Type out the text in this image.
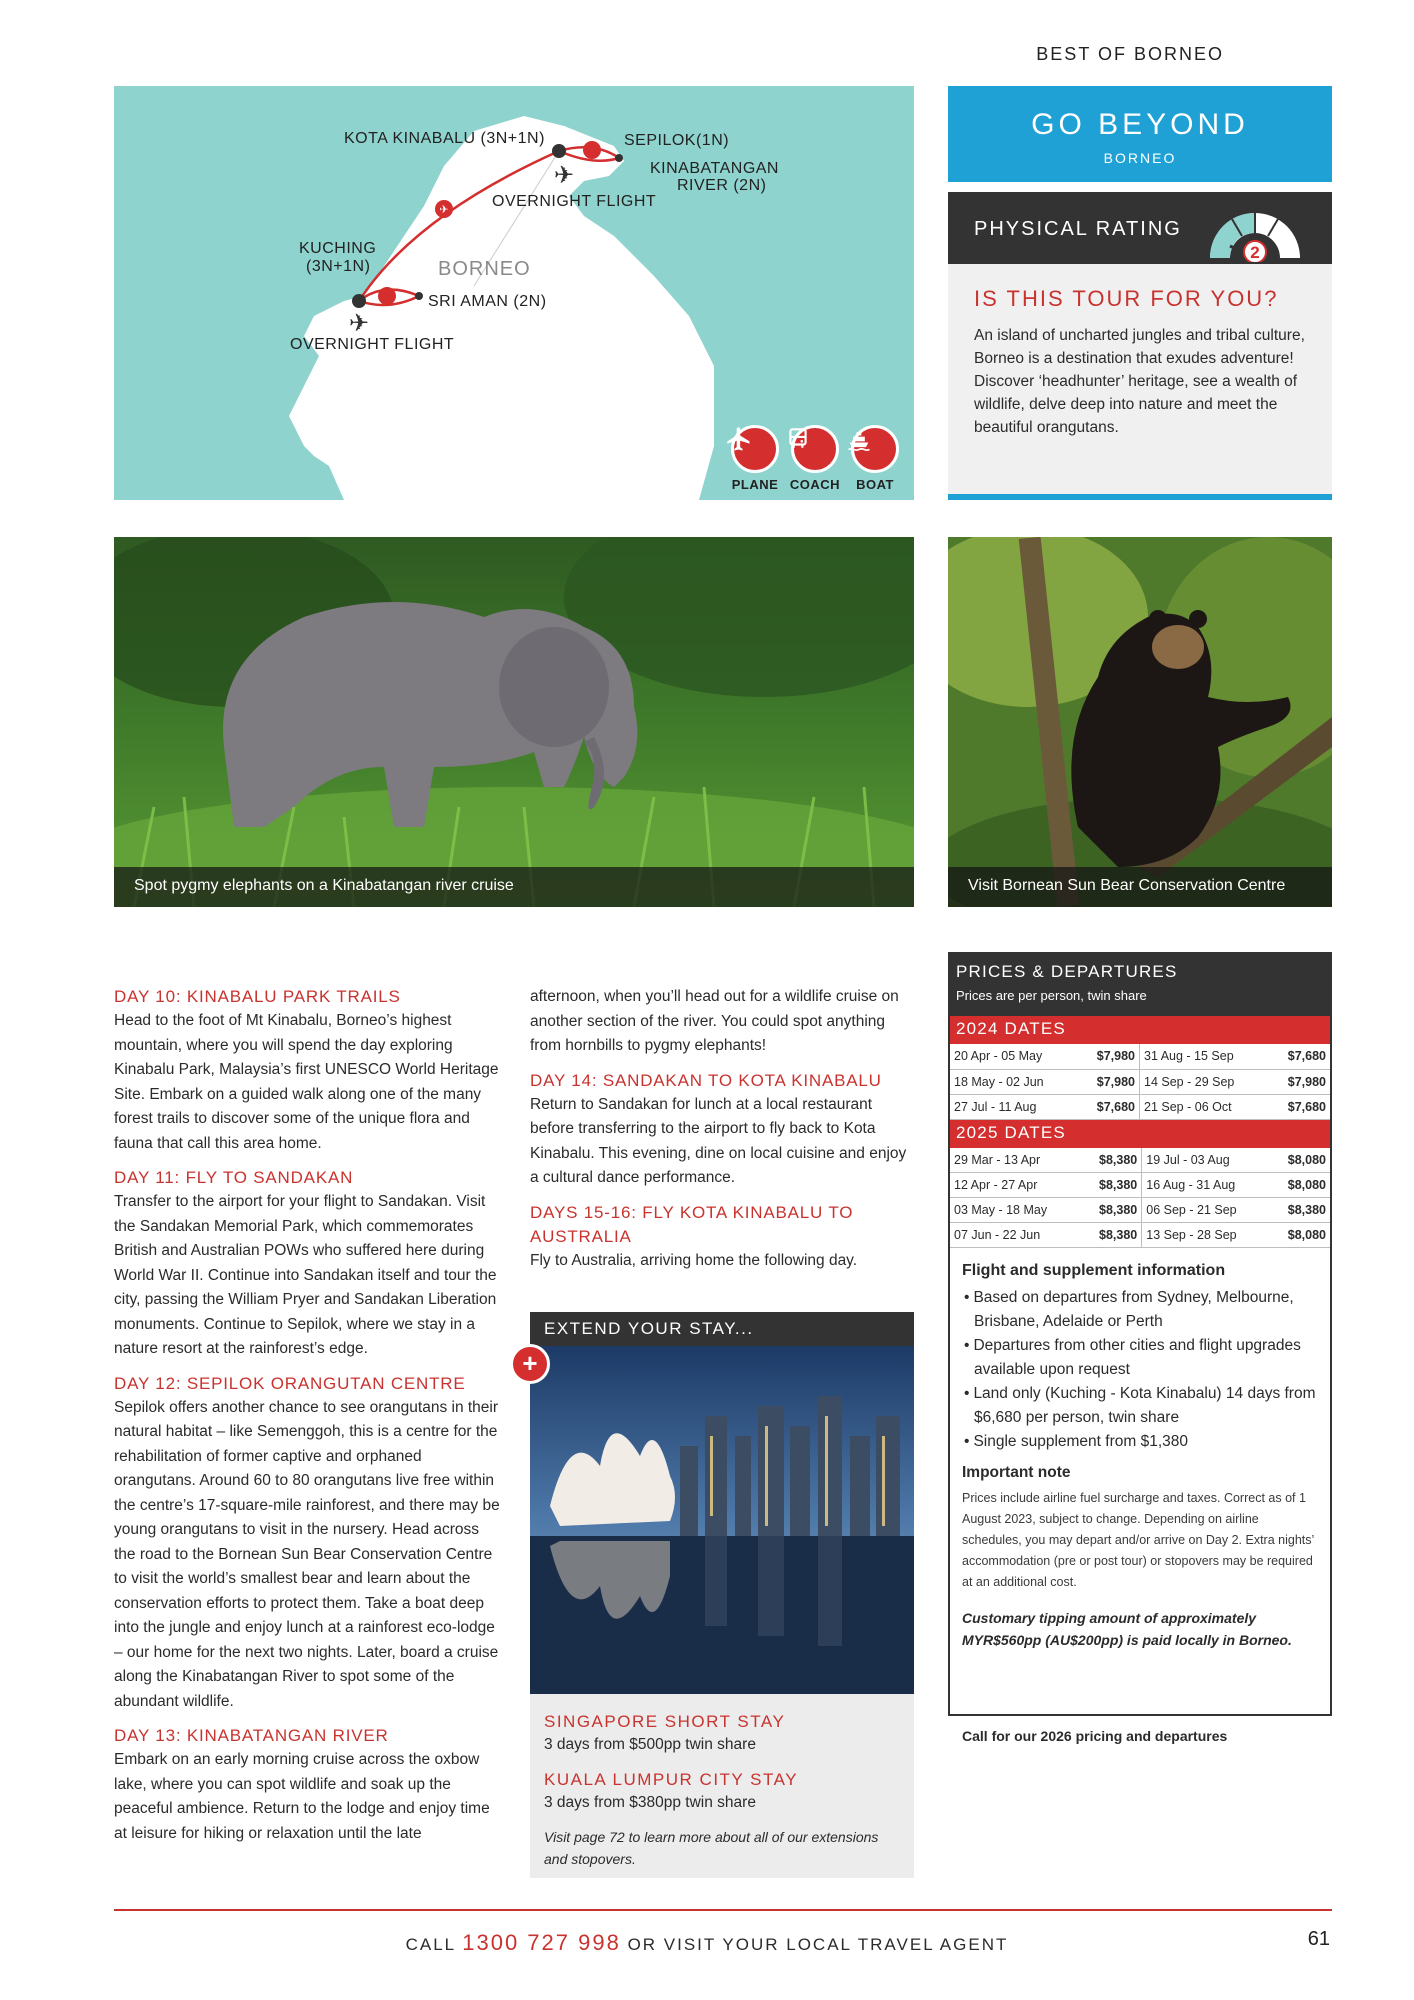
BEST OF BORNEO
✈
✈
✈
KOTA KINABALU (3N+1N)	SEPILOK(1N)
KINABATANGAN
RIVER (2N)
OVERNIGHT FLIGHT
KUCHING
(3N+1N)	BORNEO
SRI AMAN (2N)
OVERNIGHT FLIGHT
PLANE COACH BOAT
GO BEYOND
BORNEO
PHYSICAL RATING
2
IS THIS TOUR FOR YOU?
An island of uncharted jungles and tribal culture, Borneo is a destination that exudes adventure! Discover ‘headhunter’ heritage, see a wealth of wildlife, delve deep into nature and meet the beautiful orangutans.
Spot pygmy elephants on a Kinabatangan river cruise	Visit Bornean Sun Bear Conservation Centre
DAY 10: KINABALU PARK TRAILS
Head to the foot of Mt Kinabalu, Borneo’s highest mountain, where you will spend the day exploring Kinabalu Park, Malaysia’s first UNESCO World Heritage Site. Embark on a guided walk along one of the many forest trails to discover some of the unique flora and fauna that call this area home.
DAY 11: FLY TO SANDAKAN
Transfer to the airport for your flight to Sandakan. Visit the Sandakan Memorial Park, which commemorates British and Australian POWs who suffered here during World War II. Continue into Sandakan itself and tour the city, passing the William Pryer and Sandakan Liberation monuments. Continue to Sepilok, where we stay in a nature resort at the rainforest’s edge.
DAY 12: SEPILOK ORANGUTAN CENTRE
Sepilok offers another chance to see orangutans in their natural habitat – like Semenggoh, this is a centre for the rehabilitation of former captive and orphaned orangutans. Around 60 to 80 orangutans live free within the centre’s 17-square-mile rainforest, and there may be young orangutans to visit in the nursery. Head across the road to the Bornean Sun Bear Conservation Centre to visit the world’s smallest bear and learn about the conservation efforts to protect them. Take a boat deep into the jungle and enjoy lunch at a rainforest eco-lodge – our home for the next two nights. Later, board a cruise along the Kinabatangan River to spot some of the abundant wildlife.
DAY 13: KINABATANGAN RIVER
Embark on an early morning cruise across the oxbow lake, where you can spot wildlife and soak up the peaceful ambience. Return to the lodge and enjoy time at leisure for hiking or relaxation until the late
afternoon, when you’ll head out for a wildlife cruise on another section of the river. You could spot anything from hornbills to pygmy elephants!
DAY 14: SANDAKAN TO KOTA KINABALU
Return to Sandakan for lunch at a local restaurant before transferring to the airport to fly back to Kota Kinabalu. This evening, dine on local cuisine and enjoy a cultural dance performance.
DAYS 15-16: FLY KOTA KINABALU TO AUSTRALIA
Fly to Australia, arriving home the following day.
EXTEND YOUR STAY...
SINGAPORE SHORT STAY
3 days from $500pp twin share
KUALA LUMPUR CITY STAY
3 days from $380pp twin share
Visit page 72 to learn more about all of our extensions and stopovers.
+
PRICES & DEPARTURES
Prices are per person, twin share
2024 DATES
20 Apr - 05 May	$7,980	31 Aug - 15 Sep	$7,680
18 May - 02 Jun	$7,980	14 Sep - 29 Sep	$7,980
27 Jul - 11 Aug	$7,680	21 Sep - 06 Oct	$7,680
2025 DATES
29 Mar - 13 Apr	$8,380	19 Jul - 03 Aug	$8,080
12 Apr - 27 Apr	$8,380	16 Aug - 31 Aug	$8,080
03 May - 18 May	$8,380	06 Sep - 21 Sep	$8,380
07 Jun - 22 Jun	$8,380	13 Sep - 28 Sep	$8,080
Flight and supplement information
• Based on departures from Sydney, Melbourne, Brisbane, Adelaide or Perth
• Departures from other cities and flight upgrades available upon request
• Land only (Kuching - Kota Kinabalu) 14 days from $6,680 per person, twin share
• Single supplement from $1,380
Important note
Prices include airline fuel surcharge and taxes. Correct as of 1 August 2023, subject to change. Depending on airline schedules, you may depart and/or arrive on Day 2. Extra nights’ accommodation (pre or post tour) or stopovers may be required at an additional cost.
Customary tipping amount of approximately MYR$560pp (AU$200pp) is paid locally in Borneo.
Call for our 2026 pricing and departures
CALL 1300 727 998 OR VISIT YOUR LOCAL TRAVEL AGENT	61
